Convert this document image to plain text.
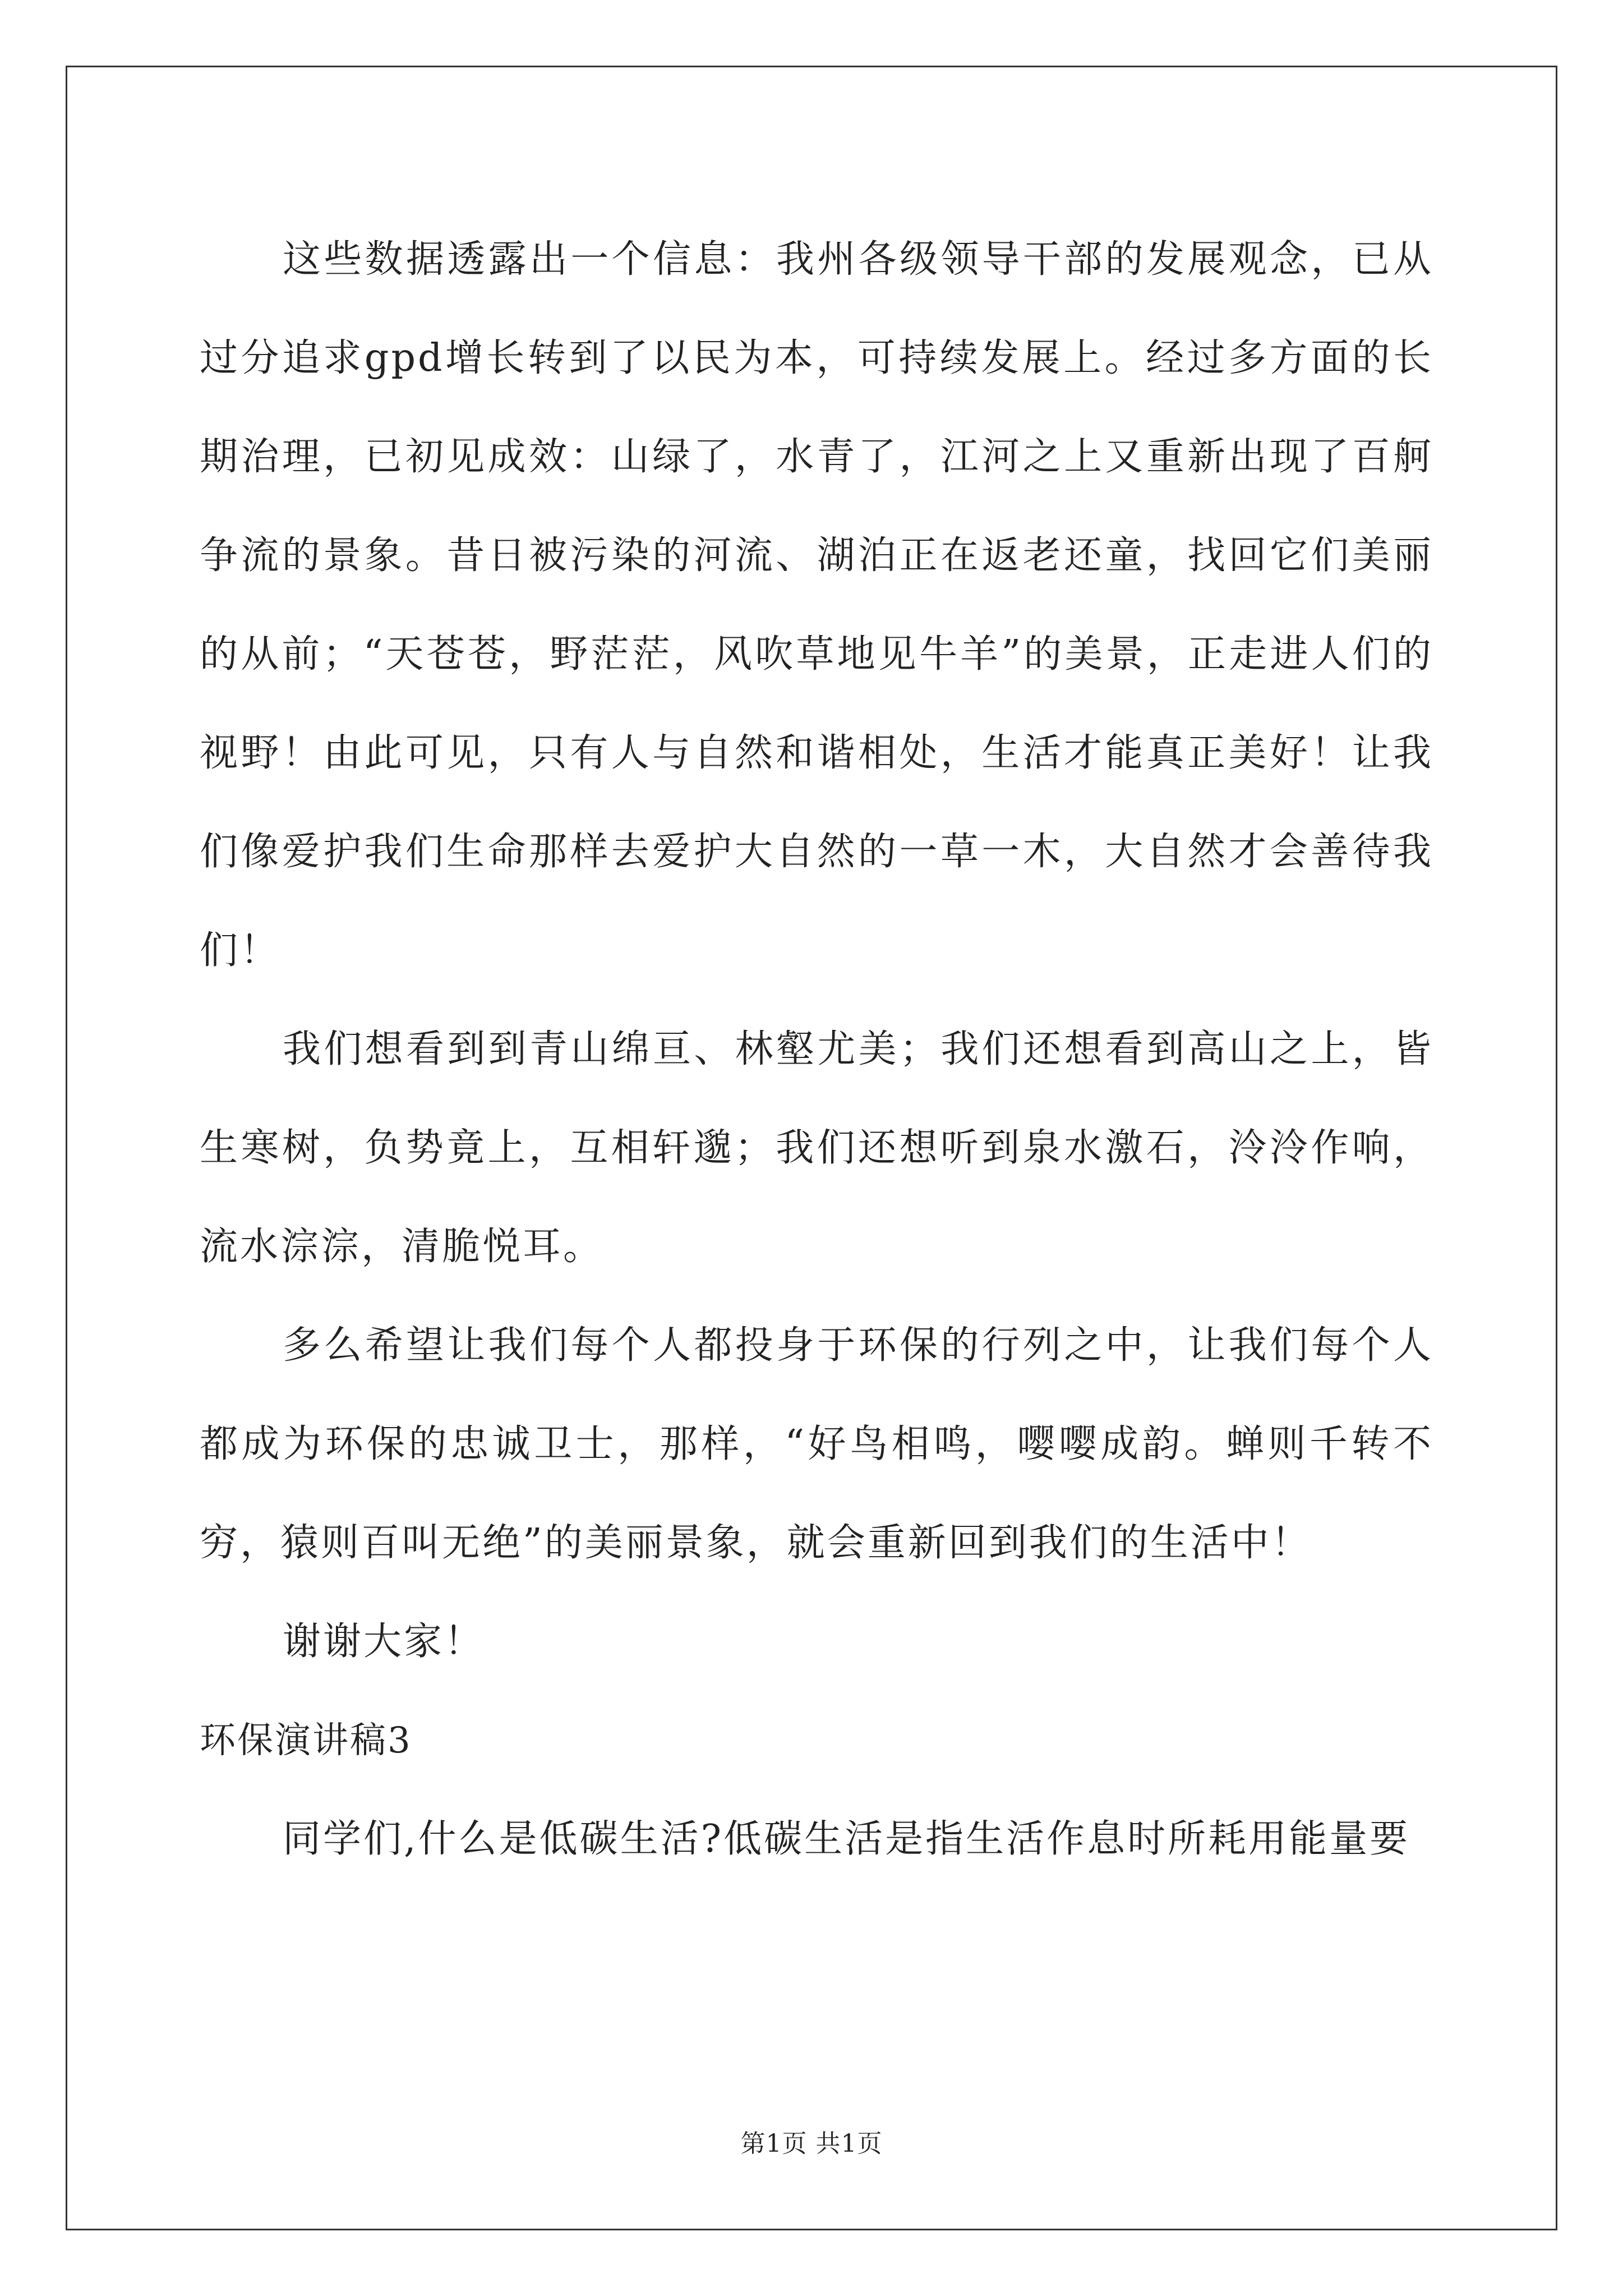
这些数据透露出一个信息：我州各级领导干部的发展观念，已从过分追求gpd增长转到了以民为本，可持续发展上。经过多方面的长期治理，已初见成效：山绿了，水青了，江河之上又重新出现了百舸争流的景象。昔日被污染的河流、湖泊正在返老还童，找回它们美丽的从前；“天苍苍，野茫茫，风吹草地见牛羊”的美景，正走进人们的视野！由此可见，只有人与自然和谐相处，生活才能真正美好！让我们像爱护我们生命那样去爱护大自然的一草一木，大自然才会善待我们！

我们想看到到青山绵亘、林壑尤美；我们还想看到高山之上，皆生寒树，负势竟上，互相轩邈；我们还想听到泉水激石，泠泠作响，流水淙淙，清脆悦耳。

多么希望让我们每个人都投身于环保的行列之中，让我们每个人都成为环保的忠诚卫士，那样，“好鸟相鸣，嘤嘤成韵。蝉则千转不穷，猿则百叫无绝”的美丽景象，就会重新回到我们的生活中！

谢谢大家！

环保演讲稿3

同学们,什么是低碳生活?低碳生活是指生活作息时所耗用能量要

第1页 共1页
